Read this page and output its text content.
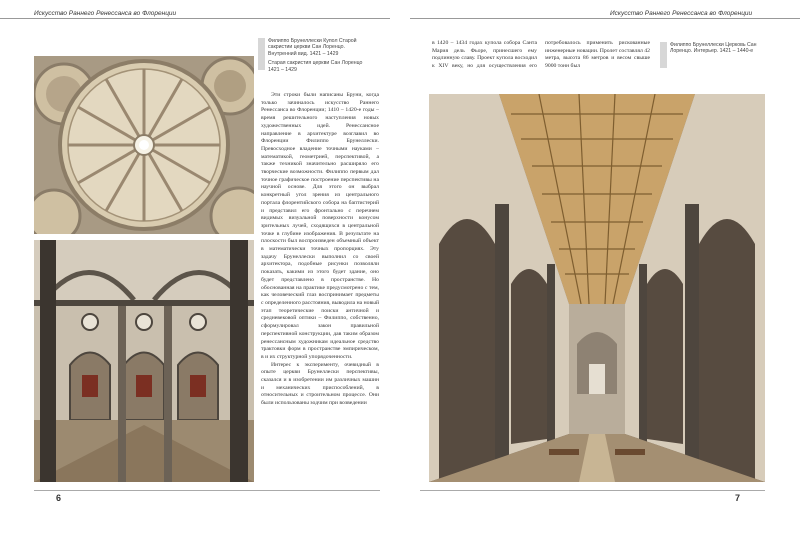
Искусство Раннего Ренессанса во Флоренции	Искусство Раннего Ренессанса во Флоренции

Филиппо Брунеллески Купол Старой сакристии церкви Сан Лоренцо. Внутренний вид. 1421 – 1429

Старая сакристия церкви Сан Лоренцо 1421 – 1429

Эти строки были написаны Бруни, когда только зачиналось искусство Раннего Ренессанса во Флоренции; 1410 – 1420-е годы – время решительного наступления новых художественных идей. Ренессансное направление в архитектуре возглавил во Флоренции Филиппо Брунеллески. Превосходное владение точными науками – математикой, геометрией, перспективой, а также техникой значительно расширяло его творческие возможности. Филиппо первым дал точное графическое построение перспективы на научной основе. Для этого он выбрал конкретный угол зрения из центрального портала флорентийского собора на баптистерий и представил его фронтально с перечнем видимых визуальной поверхности конусом зрительных лучей, сходящихся в центральной точке в глубине изображения. В результате на плоскости был воспроизведен объемный объект в математически точных пропорциях. Эту задачу Брунеллески выполнил со своей архитектора, подобные рисунки позволяли показать, какими из этого будет здание, оно будет представлено в пространстве. Но обоснованная на практике предусмотрено с тем, как человеческий глаз воспринимает предметы с определенного расстояния, выводила на новый этап теоретические поиски античной и средневековой оптики – Филиппо, собственно, сформулировал закон правильной перспективной конструкции, дав таким образом ренессансным художникам идеальное средство трактовки форм в пространстве эмпирическом, в и их структурной упорядоченности.

Интерес к эксперименту, очевидный в опыте церкви Брунеллески перспективы, сказался и в изобретении им различных машин и механических приспособлений, в относительных и строительном процессе. Они были использованы зодчим при возведении

в 1420 – 1434 годах купола собора Санта Мария дель Фьоре, принесшего ему подлинную славу. Проект купола восходил к XIV веку, но для осуществления его потребовалось применить рискованные инженерные новации. Пролет составлял 42 метра, высота 86 метров и весом свыше 9000 тонн был

Филиппо Брунеллески Церковь Сан Лоренцо. Интерьер. 1421 – 1440-е

6	7
